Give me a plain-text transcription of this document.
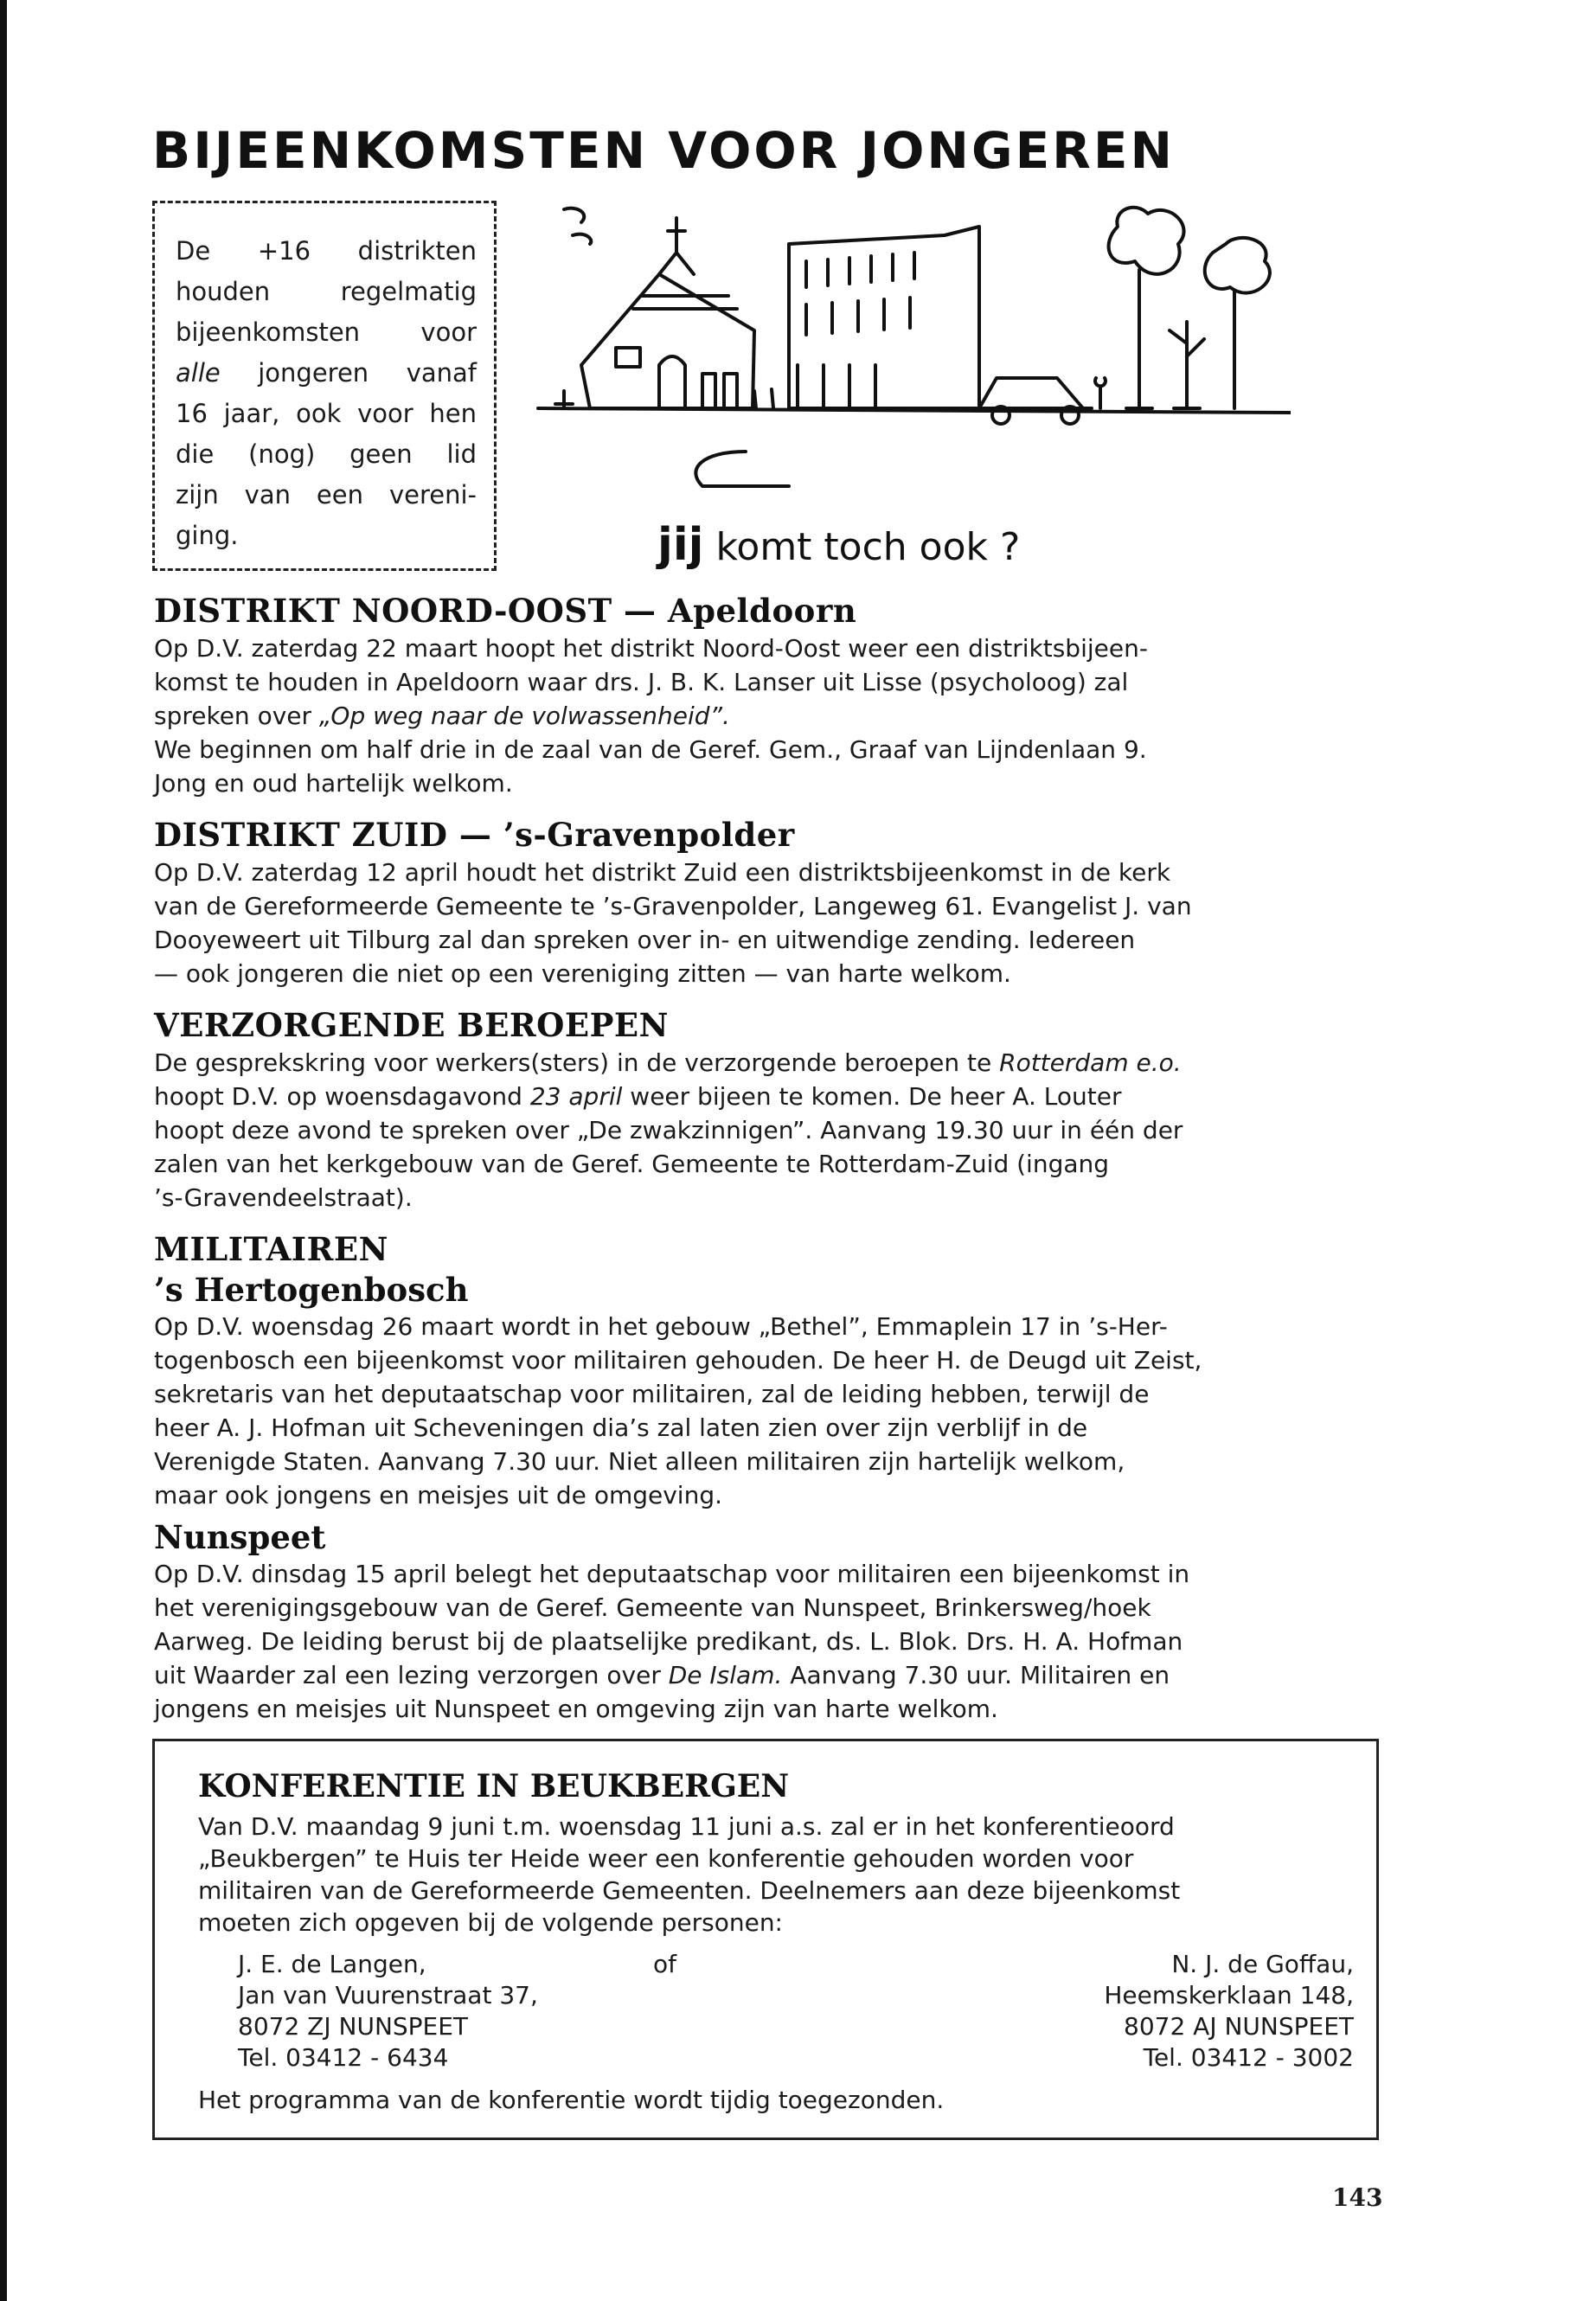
BIJEENKOMSTEN VOOR JONGEREN
De +16 distrikten
houden	regelmatig
bijeenkomsten voor
alle jongeren vanaf
16 jaar, ook voor hen
die (nog) geen lid
zijn van een vereni-
ging.	jij komt toch ook ?

DISTRIKT NOORD-OOST — Apeldoorn

Op D.V. zaterdag 22 maart hoopt het distrikt Noord-Oost weer een distriktsbijeen-
komst te houden in Apeldoorn waar drs. J. B. K. Lanser uit Lisse (psycholoog) zal
spreken over „Op weg naar de volwassenheid”.

We beginnen om half drie in de zaal van de Geref. Gem., Graaf van Lijndenlaan 9.
Jong en oud hartelijk welkom.

DISTRIKT ZUID — ’s-Gravenpolder

Op D.V. zaterdag 12 april houdt het distrikt Zuid een distriktsbijeenkomst in de kerk
van de Gereformeerde Gemeente te ’s-Gravenpolder, Langeweg 61. Evangelist J. van
Dooyeweert uit Tilburg zal dan spreken over in- en uitwendige zending. Iedereen
— ook jongeren die niet op een vereniging zitten — van harte welkom.

VERZORGENDE BEROEPEN

De gesprekskring voor werkers(sters) in de verzorgende beroepen te Rotterdam e.o.
hoopt D.V. op woensdagavond 23 april weer bijeen te komen. De heer A. Louter
hoopt deze avond te spreken over „De zwakzinnigen”. Aanvang 19.30 uur in één der
zalen van het kerkgebouw van de Geref. Gemeente te Rotterdam-Zuid (ingang
’s-Gravendeelstraat).

MILITAIREN
’s Hertogenbosch

Op D.V. woensdag 26 maart wordt in het gebouw „Bethel”, Emmaplein 17 in ’s-Her-
togenbosch een bijeenkomst voor militairen gehouden. De heer H. de Deugd uit Zeist,
sekretaris van het deputaatschap voor militairen, zal de leiding hebben, terwijl de
heer A. J. Hofman uit Scheveningen dia’s zal laten zien over zijn verblijf in de
Verenigde Staten. Aanvang 7.30 uur. Niet alleen militairen zijn hartelijk welkom,
maar ook jongens en meisjes uit de omgeving.

Nunspeet

Op D.V. dinsdag 15 april belegt het deputaatschap voor militairen een bijeenkomst in
het verenigingsgebouw van de Geref. Gemeente van Nunspeet, Brinkersweg/hoek
Aarweg. De leiding berust bij de plaatselijke predikant, ds. L. Blok. Drs. H. A. Hofman
uit Waarder zal een lezing verzorgen over De Islam. Aanvang 7.30 uur. Militairen en
jongens en meisjes uit Nunspeet en omgeving zijn van harte welkom.

KONFERENTIE IN BEUKBERGEN

Van D.V. maandag 9 juni t.m. woensdag 11 juni a.s. zal er in het konferentieoord
„Beukbergen” te Huis ter Heide weer een konferentie gehouden worden voor
militairen van de Gereformeerde Gemeenten. Deelnemers aan deze bijeenkomst
moeten zich opgeven bij de volgende personen:

J. E. de Langen,	of	N. J. de Goffau,
Jan van Vuurenstraat 37,	Heemskerklaan 148,
8072 ZJ NUNSPEET	8072 AJ NUNSPEET
Tel. 03412 - 6434	Tel. 03412 - 3002

Het programma van de konferentie wordt tijdig toegezonden.

143
